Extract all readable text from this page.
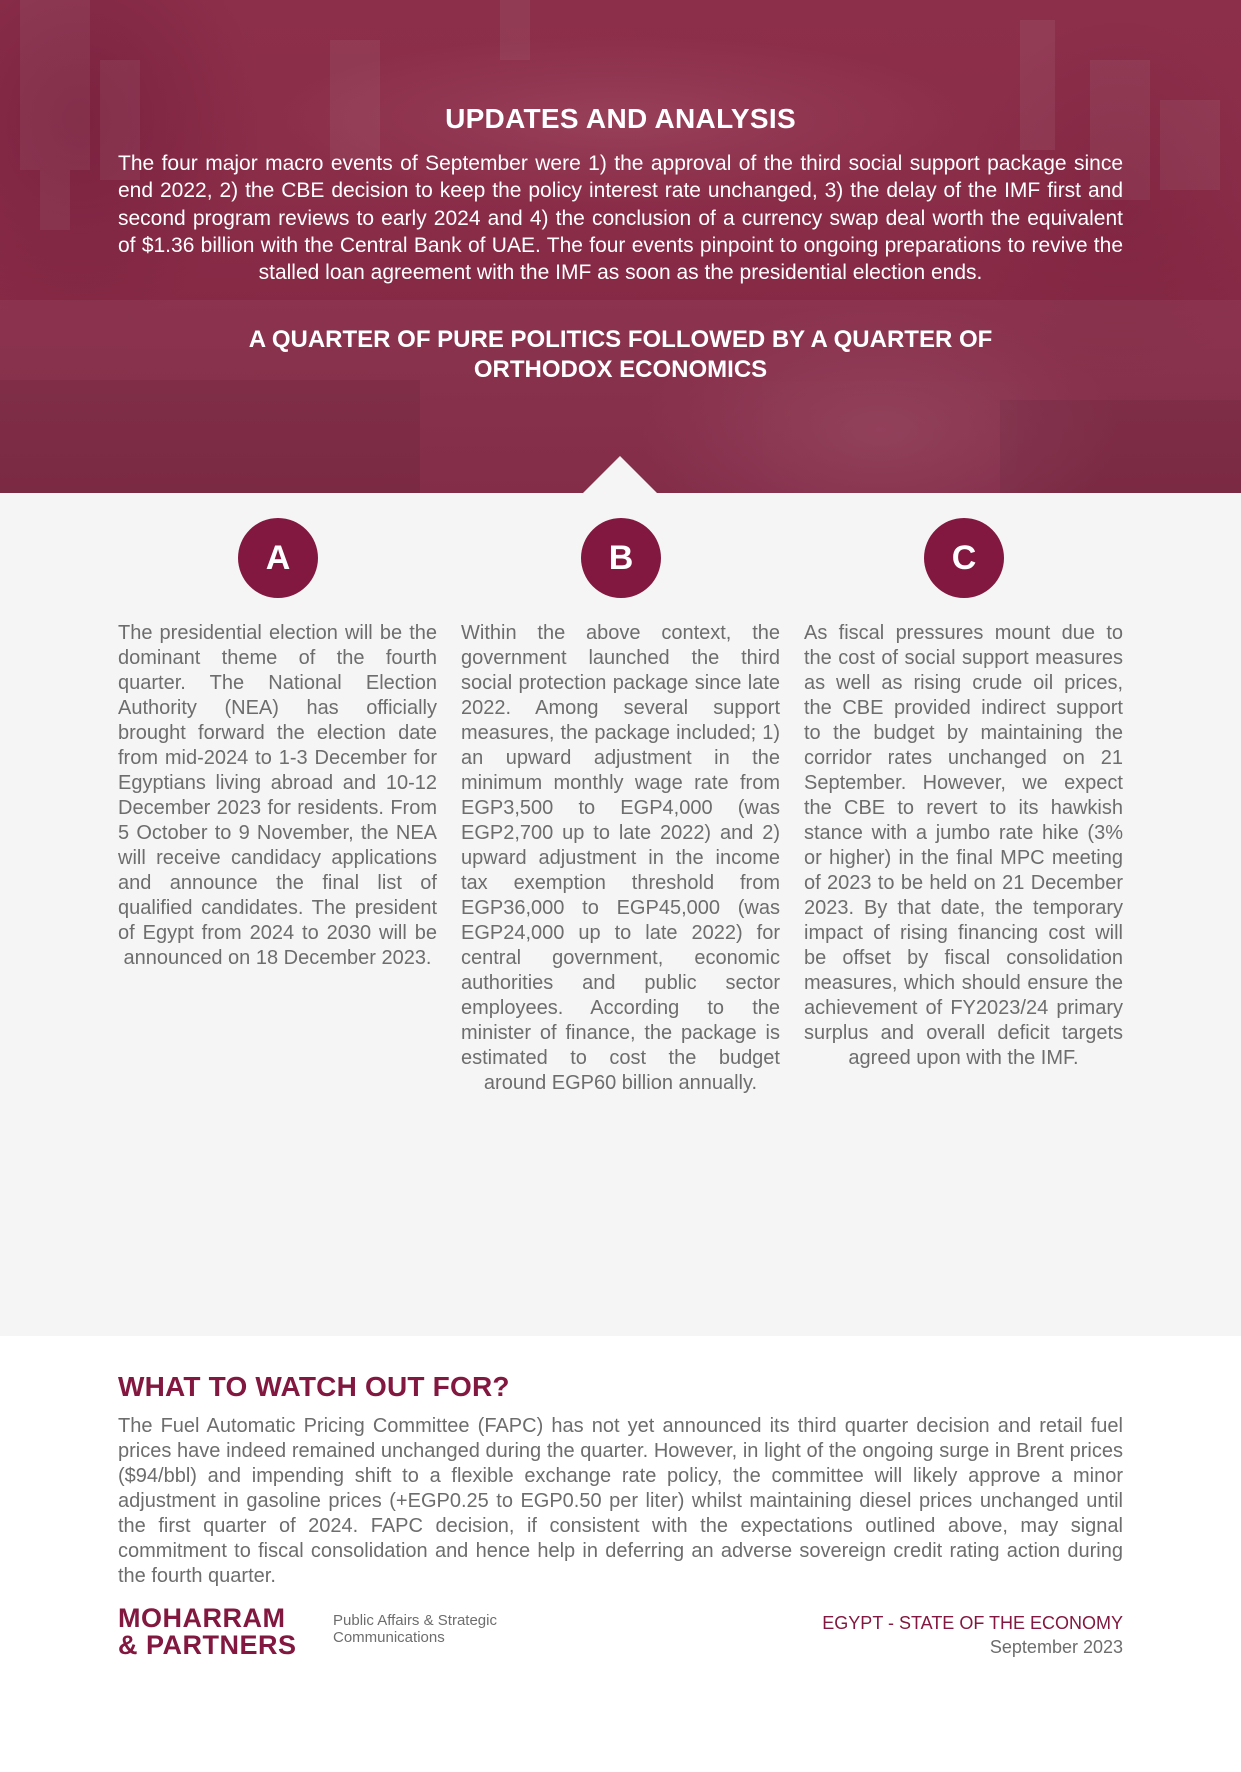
UPDATES AND ANALYSIS

The four major macro events of September were 1) the approval of the third social support package since end 2022, 2) the CBE decision to keep the policy interest rate unchanged, 3) the delay of the IMF first and second program reviews to early 2024 and 4) the conclusion of a currency swap deal worth the equivalent of $1.36 billion with the Central Bank of UAE. The four events pinpoint to ongoing preparations to revive the stalled loan agreement with the IMF as soon as the presidential election ends.

A QUARTER OF PURE POLITICS FOLLOWED BY A QUARTER OF ORTHODOX ECONOMICS
A	B	C

The presidential election will be the dominant theme of the fourth quarter. The National Election Authority (NEA) has officially brought forward the election date from mid-2024 to 1-3 December for Egyptians living abroad and 10-12 December 2023 for residents. From 5 October to 9 November, the NEA will receive candidacy applications and announce the final list of qualified candidates. The president of Egypt from 2024 to 2030 will be announced on 18 December 2023.

Within the above context, the government launched the third social protection package since late 2022. Among several support measures, the package included; 1) an upward adjustment in the minimum monthly wage rate from EGP3,500 to EGP4,000 (was EGP2,700 up to late 2022) and 2) upward adjustment in the income tax exemption threshold from EGP36,000 to EGP45,000 (was EGP24,000 up to late 2022) for central government, economic authorities and public sector employees. According to the minister of finance, the package is estimated to cost the budget around EGP60 billion annually.

As fiscal pressures mount due to the cost of social support measures as well as rising crude oil prices, the CBE provided indirect support to the budget by maintaining the corridor rates unchanged on 21 September. However, we expect the CBE to revert to its hawkish stance with a jumbo rate hike (3% or higher) in the final MPC meeting of 2023 to be held on 21 December 2023. By that date, the temporary impact of rising financing cost will be offset by fiscal consolidation measures, which should ensure the achievement of FY2023/24 primary surplus and overall deficit targets agreed upon with the IMF.

WHAT TO WATCH OUT FOR?

The Fuel Automatic Pricing Committee (FAPC) has not yet announced its third quarter decision and retail fuel prices have indeed remained unchanged during the quarter. However, in light of the ongoing surge in Brent prices ($94/bbl) and impending shift to a flexible exchange rate policy, the committee will likely approve a minor adjustment in gasoline prices (+EGP0.25 to EGP0.50 per liter) whilst maintaining diesel prices unchanged until the first quarter of 2024. FAPC decision, if consistent with the expectations outlined above, may signal commitment to fiscal consolidation and hence help in deferring an adverse sovereign credit rating action during the fourth quarter.

MOHARRAM
& PARTNERS
Public Affairs & Strategic
Communications
EGYPT - STATE OF THE ECONOMY
September 2023
